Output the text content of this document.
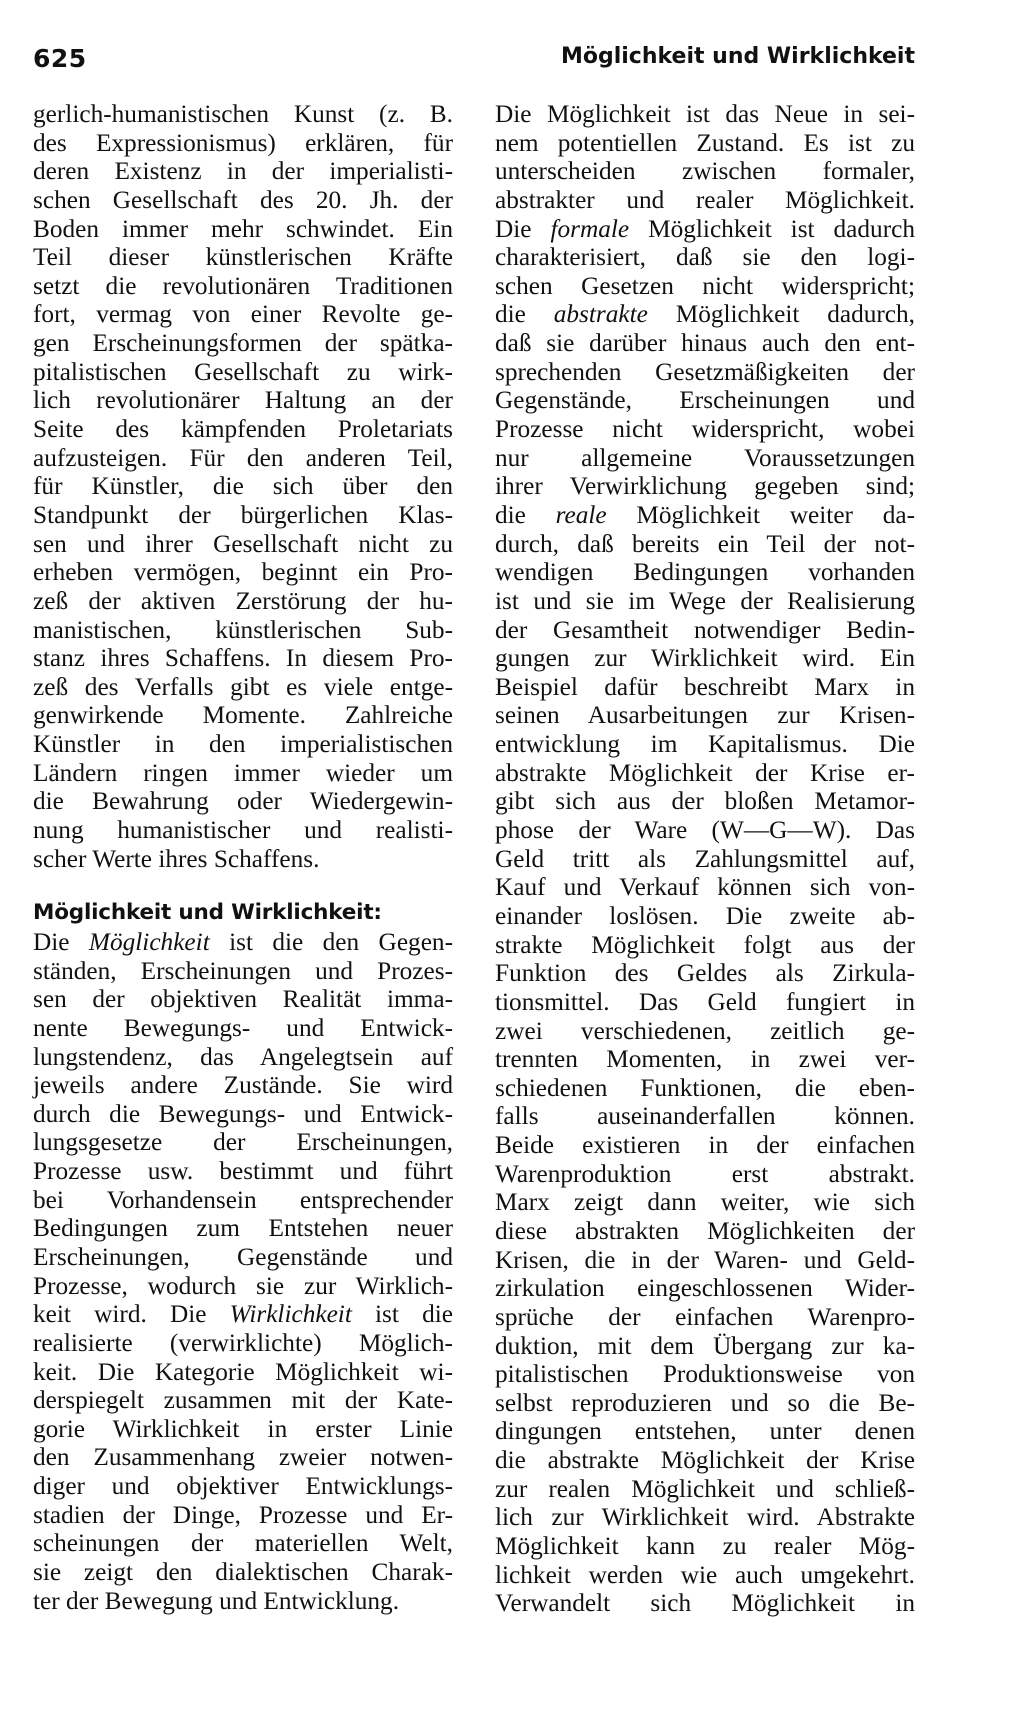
625	Möglichkeit und Wirklichkeit
gerlich-humanistischen Kunst (z. B.
des Expressionismus) erklären, für
deren Existenz in der imperialisti-
schen Gesellschaft des 20. Jh. der
Boden immer mehr schwindet. Ein
Teil dieser künstlerischen Kräfte
setzt die revolutionären Traditionen
fort, vermag von einer Revolte ge-
gen Erscheinungsformen der spätka-
pitalistischen Gesellschaft zu wirk-
lich revolutionärer Haltung an der
Seite des kämpfenden Proletariats
aufzusteigen. Für den anderen Teil,
für Künstler, die sich über den
Standpunkt der bürgerlichen Klas-
sen und ihrer Gesellschaft nicht zu
erheben vermögen, beginnt ein Pro-
zeß der aktiven Zerstörung der hu-
manistischen, künstlerischen Sub-
stanz ihres Schaffens. In diesem Pro-
zeß des Verfalls gibt es viele entge-
genwirkende Momente. Zahlreiche
Künstler in den imperialistischen
Ländern ringen immer wieder um
die Bewahrung oder Wiedergewin-
nung humanistischer und realisti-
scher Werte ihres Schaffens.
Möglichkeit und Wirklichkeit:
Die Möglichkeit ist die den Gegen-
ständen, Erscheinungen und Prozes-
sen der objektiven Realität imma-
nente Bewegungs- und Entwick-
lungstendenz, das Angelegtsein auf
jeweils andere Zustände. Sie wird
durch die Bewegungs- und Entwick-
lungsgesetze der Erscheinungen,
Prozesse usw. bestimmt und führt
bei Vorhandensein entsprechender
Bedingungen zum Entstehen neuer
Erscheinungen, Gegenstände und
Prozesse, wodurch sie zur Wirklich-
keit wird. Die Wirklichkeit ist die
realisierte (verwirklichte) Möglich-
keit. Die Kategorie Möglichkeit wi-
derspiegelt zusammen mit der Kate-
gorie Wirklichkeit in erster Linie
den Zusammenhang zweier notwen-
diger und objektiver Entwicklungs-
stadien der Dinge, Prozesse und Er-
scheinungen der materiellen Welt,
sie zeigt den dialektischen Charak-
ter der Bewegung und Entwicklung.
Die Möglichkeit ist das Neue in sei-
nem potentiellen Zustand. Es ist zu
unterscheiden zwischen formaler,
abstrakter und realer Möglichkeit.
Die formale Möglichkeit ist dadurch
charakterisiert, daß sie den logi-
schen Gesetzen nicht widerspricht;
die abstrakte Möglichkeit dadurch,
daß sie darüber hinaus auch den ent-
sprechenden Gesetzmäßigkeiten der
Gegenstände, Erscheinungen und
Prozesse nicht widerspricht, wobei
nur allgemeine Voraussetzungen
ihrer Verwirklichung gegeben sind;
die reale Möglichkeit weiter da-
durch, daß bereits ein Teil der not-
wendigen Bedingungen vorhanden
ist und sie im Wege der Realisierung
der Gesamtheit notwendiger Bedin-
gungen zur Wirklichkeit wird. Ein
Beispiel dafür beschreibt Marx in
seinen Ausarbeitungen zur Krisen-
entwicklung im Kapitalismus. Die
abstrakte Möglichkeit der Krise er-
gibt sich aus der bloßen Metamor-
phose der Ware (W—G—W). Das
Geld tritt als Zahlungsmittel auf,
Kauf und Verkauf können sich von-
einander loslösen. Die zweite ab-
strakte Möglichkeit folgt aus der
Funktion des Geldes als Zirkula-
tionsmittel. Das Geld fungiert in
zwei verschiedenen, zeitlich ge-
trennten Momenten, in zwei ver-
schiedenen Funktionen, die eben-
falls auseinanderfallen können.
Beide existieren in der einfachen
Warenproduktion erst abstrakt.
Marx zeigt dann weiter, wie sich
diese abstrakten Möglichkeiten der
Krisen, die in der Waren- und Geld-
zirkulation eingeschlossenen Wider-
sprüche der einfachen Warenpro-
duktion, mit dem Übergang zur ka-
pitalistischen Produktionsweise von
selbst reproduzieren und so die Be-
dingungen entstehen, unter denen
die abstrakte Möglichkeit der Krise
zur realen Möglichkeit und schließ-
lich zur Wirklichkeit wird. Abstrakte
Möglichkeit kann zu realer Mög-
lichkeit werden wie auch umgekehrt.
Verwandelt sich Möglichkeit in
